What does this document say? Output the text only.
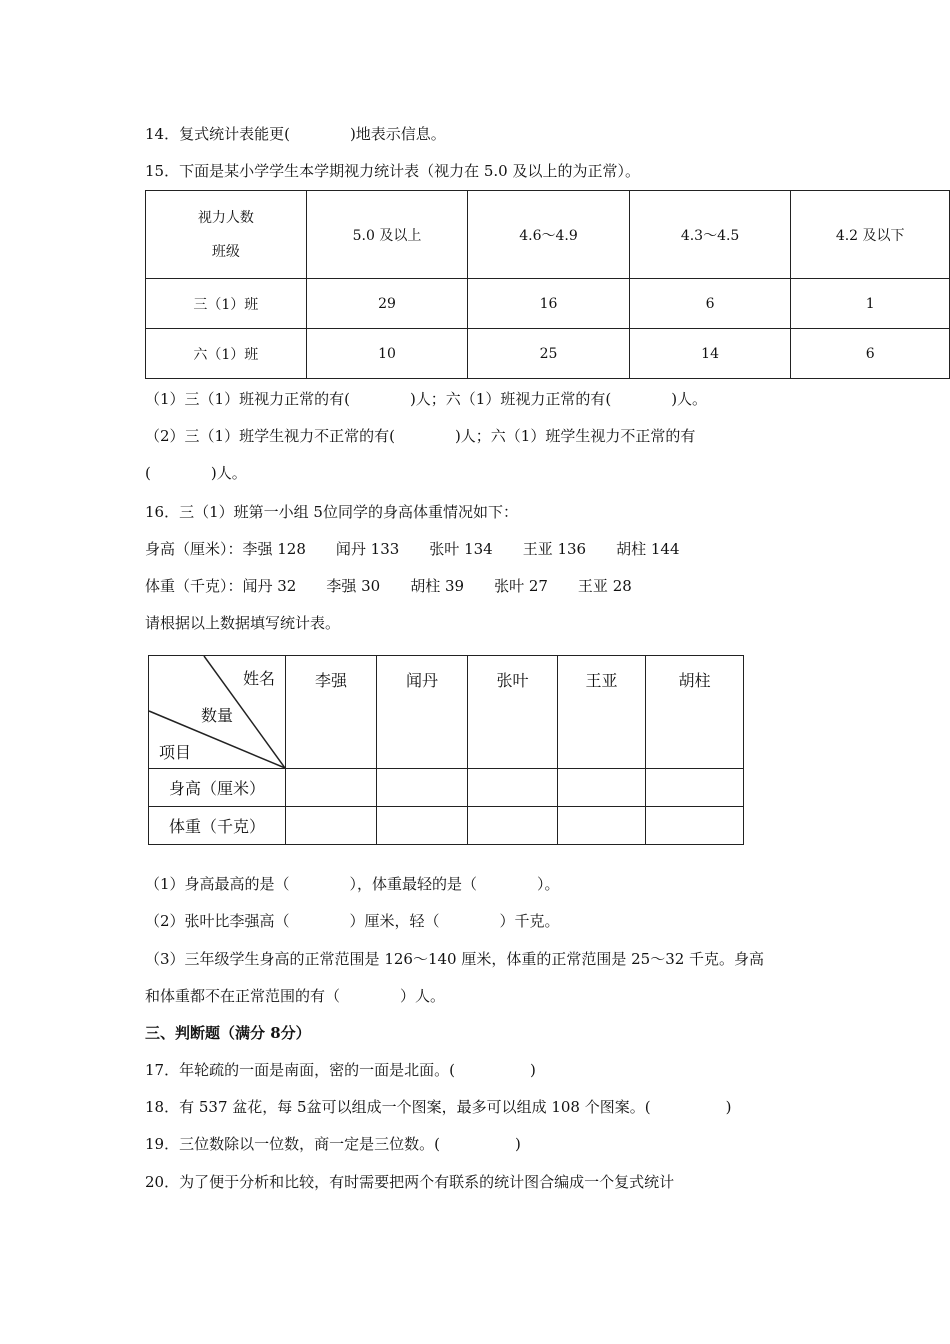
14．复式统计表能更(　　　　)地表示信息。
15．下面是某小学学生本学期视力统计表（视力在 5.0 及以上的为正常）。
视力人数
班级	5.0 及以上	4.6～4.9	4.3～4.5	4.2 及以下
三（1）班	29	16	6	1
六（1）班	10	25	14	6
（1）三（1）班视力正常的有(　　　　)人；六（1）班视力正常的有(　　　　)人。
（2）三（1）班学生视力不正常的有(　　　　)人；六（1）班学生视力不正常的有
(　　　　)人。
16．三（1）班第一小组 5位同学的身高体重情况如下：
身高（厘米）：李强 128　　闻丹 133　　张叶 134　　王亚 136　　胡柱 144
体重（千克）：闻丹 32　　李强 30　　胡柱 39　　张叶 27　　王亚 28
请根据以上数据填写统计表。
姓名
数量
项目	李强	闻丹	张叶	王亚	胡柱
身高（厘米）					
体重（千克）					
（1）身高最高的是（　　　　），体重最轻的是（　　　　）。
（2）张叶比李强高（　　　　）厘米，轻（　　　　）千克。
（3）三年级学生身高的正常范围是 126～140 厘米，体重的正常范围是 25～32 千克。身高
和体重都不在正常范围的有（　　　　）人。
三、判断题（满分 8分）
17．年轮疏的一面是南面，密的一面是北面。(　　　　　)
18．有 537 盆花，每 5盆可以组成一个图案，最多可以组成 108 个图案。(　　　　　)
19．三位数除以一位数，商一定是三位数。(　　　　　)
20．为了便于分析和比较，有时需要把两个有联系的统计图合编成一个复式统计
